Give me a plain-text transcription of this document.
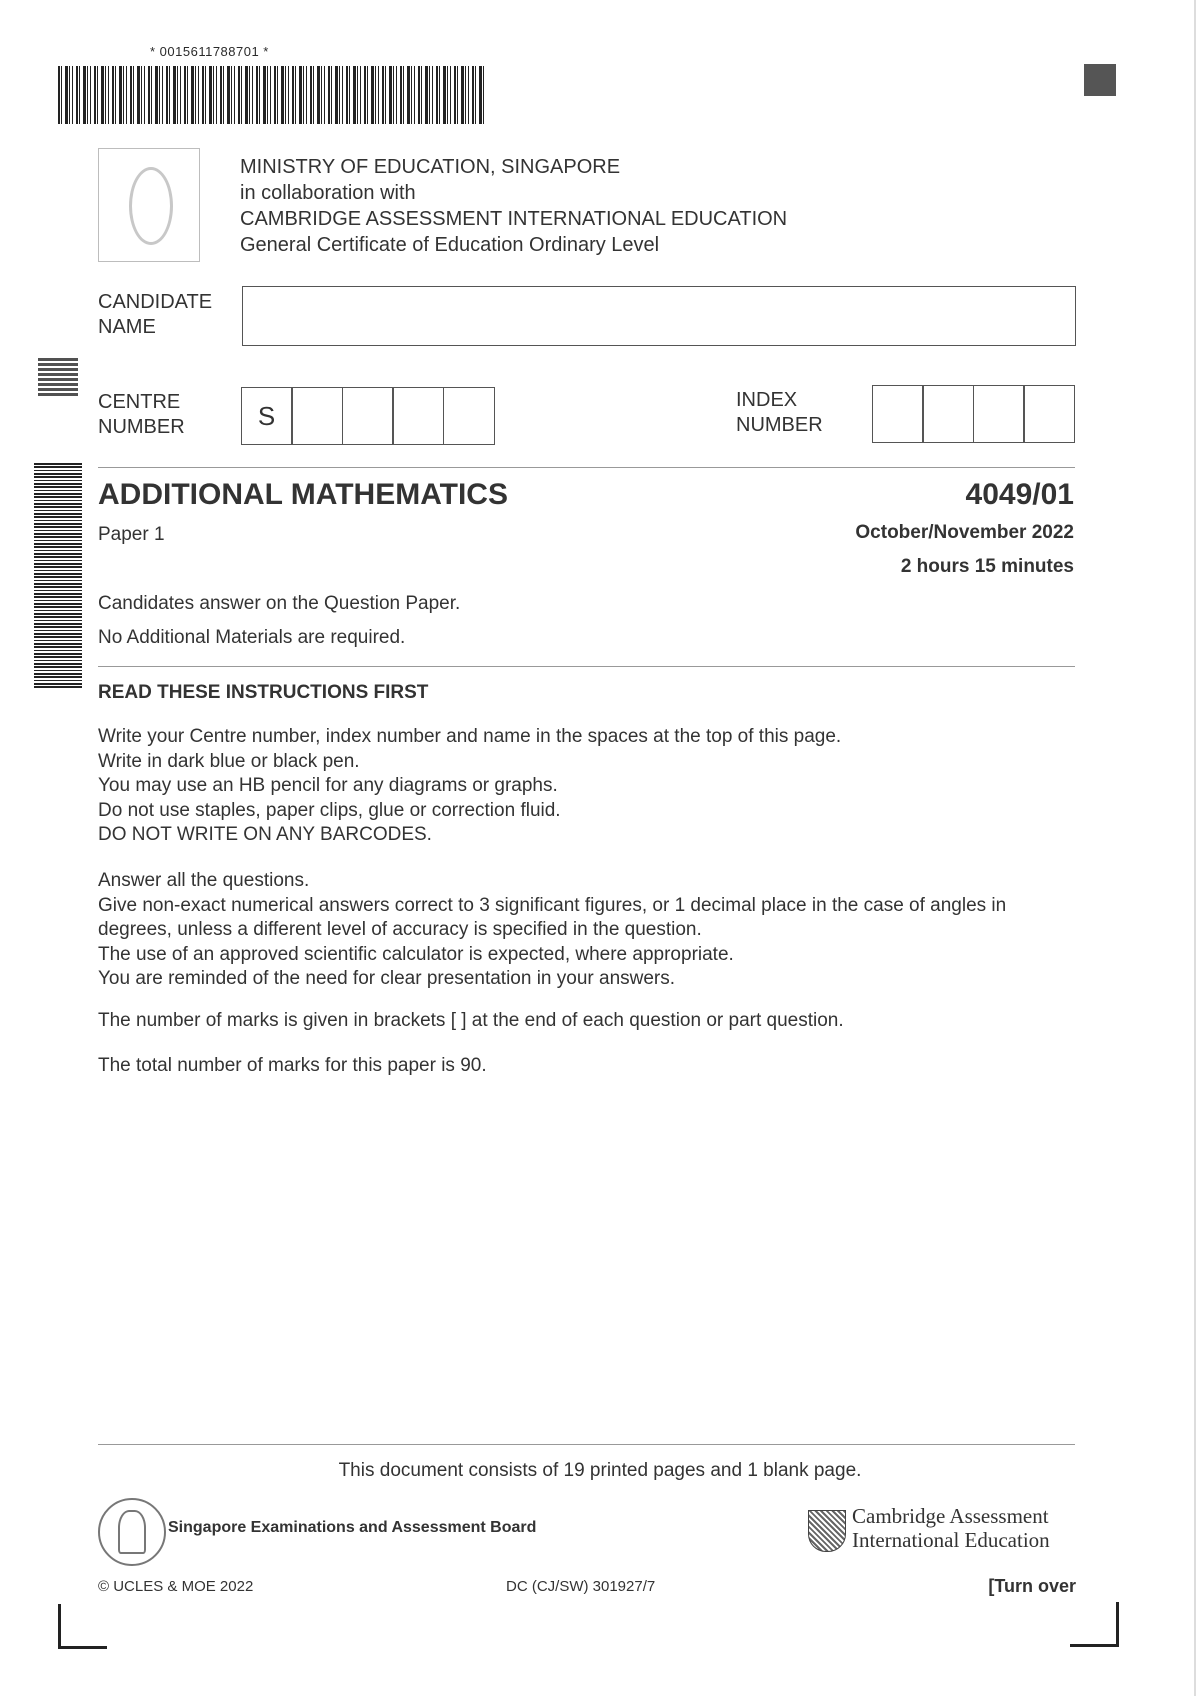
* 0015611788701 *
MINISTRY OF EDUCATION, SINGAPORE
in collaboration with
CAMBRIDGE ASSESSMENT INTERNATIONAL EDUCATION
General Certificate of Education Ordinary Level
CANDIDATE
NAME
CENTRE
NUMBER	S
INDEX
NUMBER
ADDITIONAL MATHEMATICS	4049/01
Paper 1	October/November 2022
2 hours 15 minutes
Candidates answer on the Question Paper.
No Additional Materials are required.
READ THESE INSTRUCTIONS FIRST
Write your Centre number, index number and name in the spaces at the top of this page.
Write in dark blue or black pen.
You may use an HB pencil for any diagrams or graphs.
Do not use staples, paper clips, glue or correction fluid.
DO NOT WRITE ON ANY BARCODES.
Answer all the questions.
Give non-exact numerical answers correct to 3 significant figures, or 1 decimal place in the case of angles in
degrees, unless a different level of accuracy is specified in the question.
The use of an approved scientific calculator is expected, where appropriate.
You are reminded of the need for clear presentation in your answers.
The number of marks is given in brackets [ ] at the end of each question or part question.
The total number of marks for this paper is 90.
This document consists of 19 printed pages and 1 blank page.
Singapore Examinations and Assessment Board	Cambridge Assessment
International Education
© UCLES & MOE 2022	DC (CJ/SW) 301927/7	[Turn over
